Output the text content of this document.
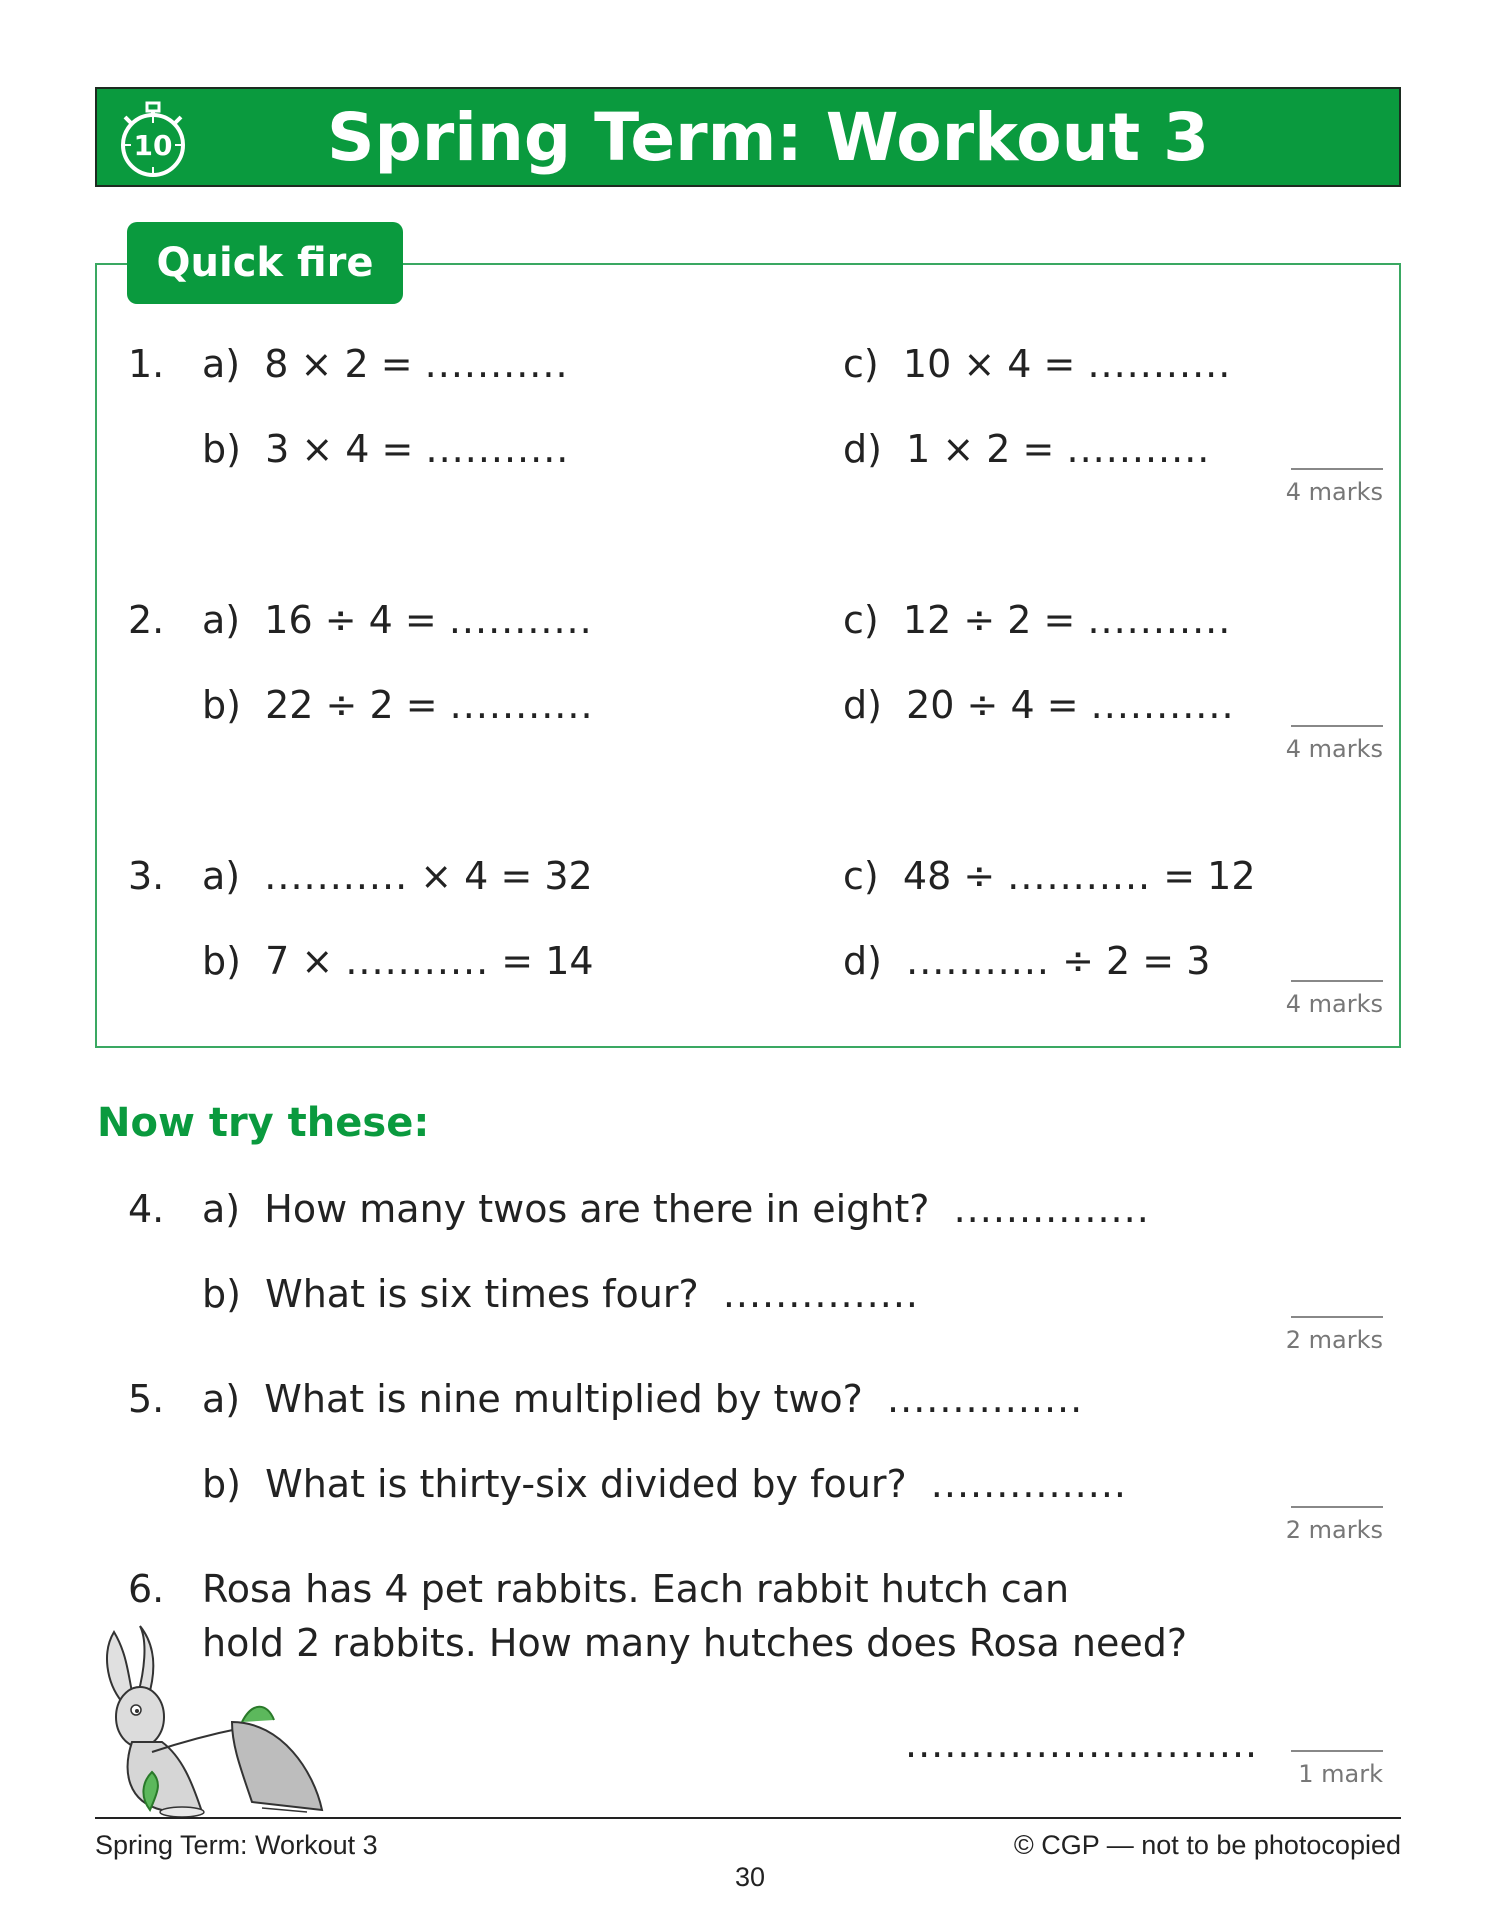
10	Spring Term: Workout 3
Quick fire
1. a) 8 × 2 = ...........
b) 3 × 4 = ...........
c) 10 × 4 = ...........
d) 1 × 2 = ...........
4 marks
2. a) 16 ÷ 4 = ...........
b) 22 ÷ 2 = ...........
c) 12 ÷ 2 = ...........
d) 20 ÷ 4 = ...........
4 marks
3. a) ........... × 4 = 32
b) 7 × ........... = 14
c) 48 ÷ ........... = 12
d) ........... ÷ 2 = 3
4 marks
Now try these:
4. a) How many twos are there in eight? ...............
b) What is six times four? ...............
2 marks
5. a) What is nine multiplied by two? ...............
b) What is thirty-six divided by four? ...............
2 marks
6. Rosa has 4 pet rabbits. Each rabbit hutch can
hold 2 rabbits. How many hutches does Rosa need?
...........................
1 mark
Spring Term: Workout 3
30
© CGP — not to be photocopied
